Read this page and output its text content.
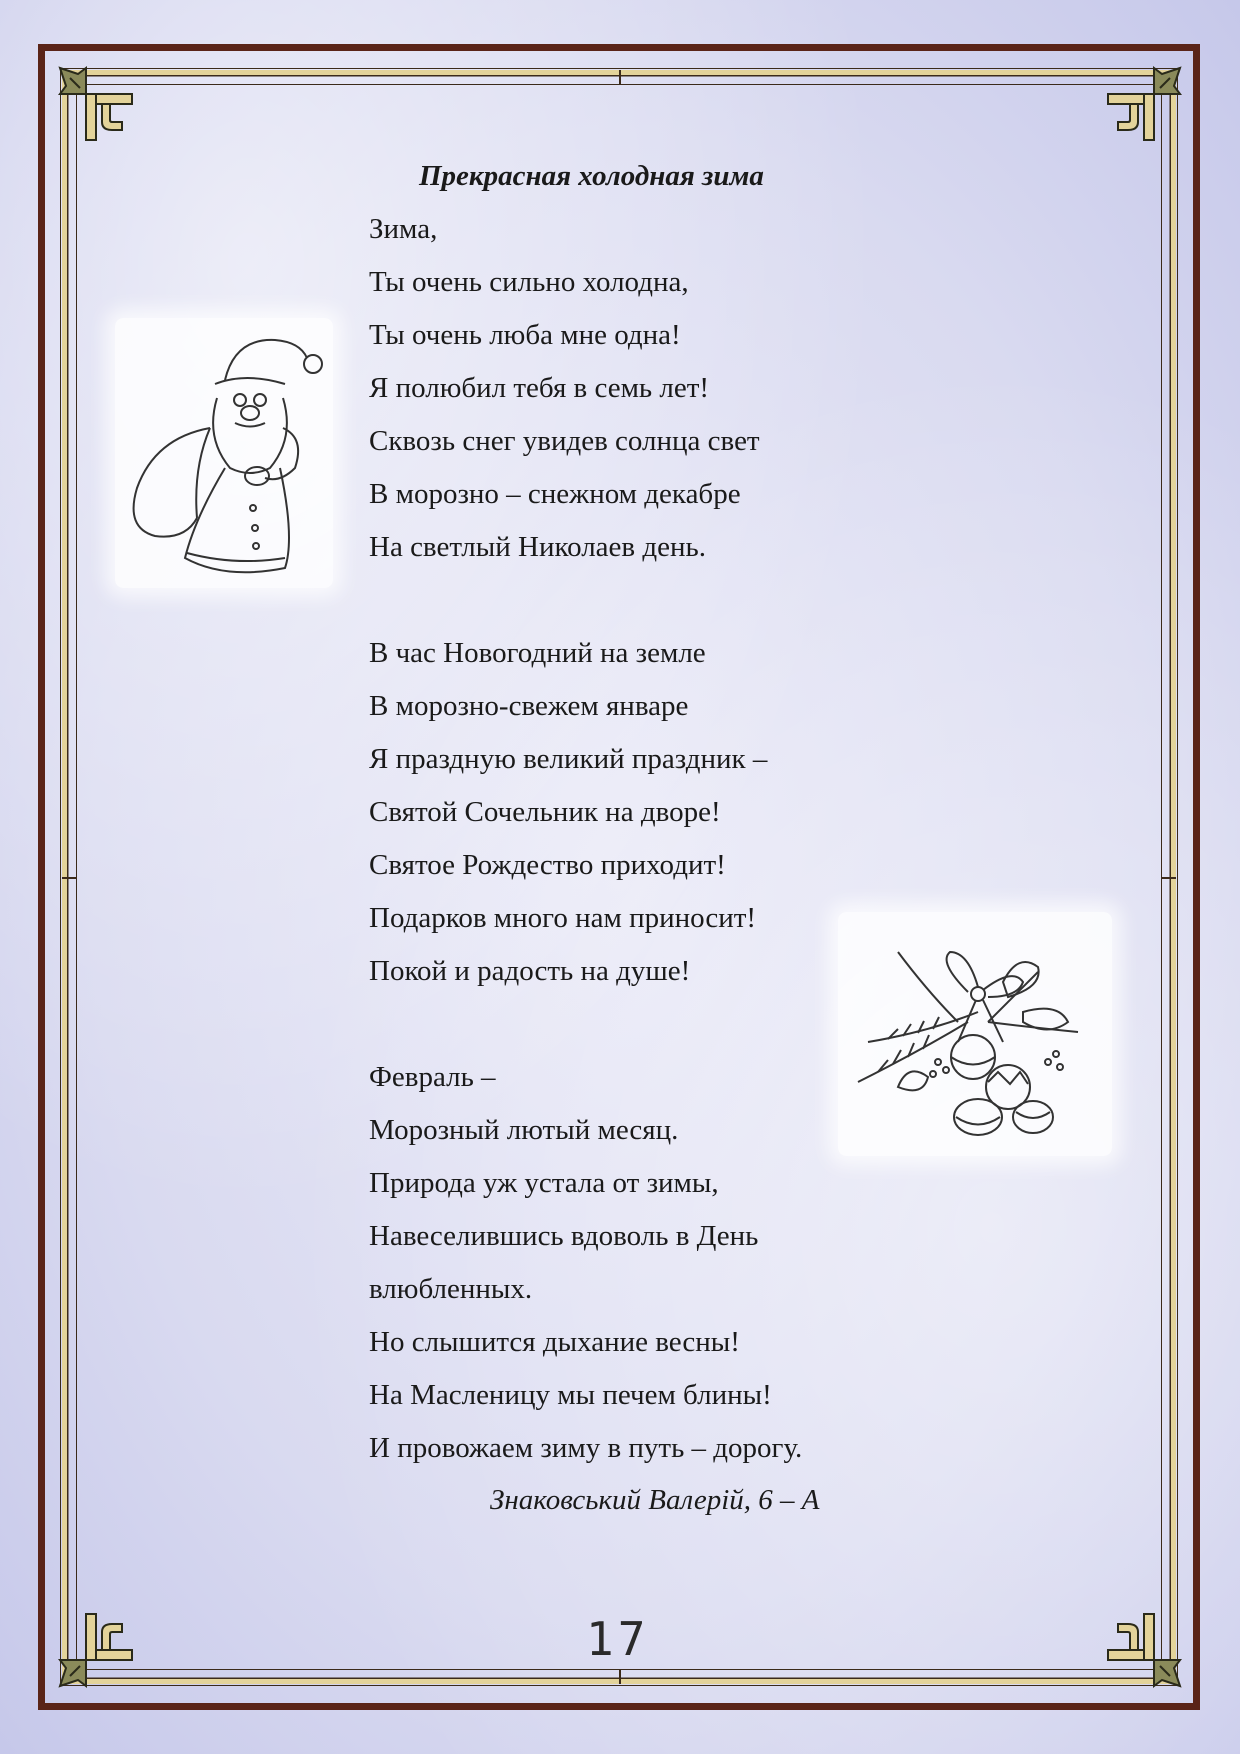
Прекрасная холодная зима
Зима,
Ты очень сильно холодна,
Ты очень люба мне одна!
Я полюбил тебя в семь лет!
Сквозь снег увидев солнца свет
В морозно – снежном декабре
На светлый Николаев день.
В час Новогодний на земле
В морозно-свежем январе
Я праздную великий праздник –
Святой Сочельник на дворе!
Святое Рождество приходит!
Подарков много нам приносит!
Покой и радость на душе!
Февраль –
Морозный лютый месяц.
Природа уж устала от зимы,
Навеселившись вдоволь в День
влюбленных.
Но слышится дыхание весны!
На Масленицу мы печем блины!
И провожаем зиму в путь – дорогу.
Знаковський Валерій, 6 – А
17
